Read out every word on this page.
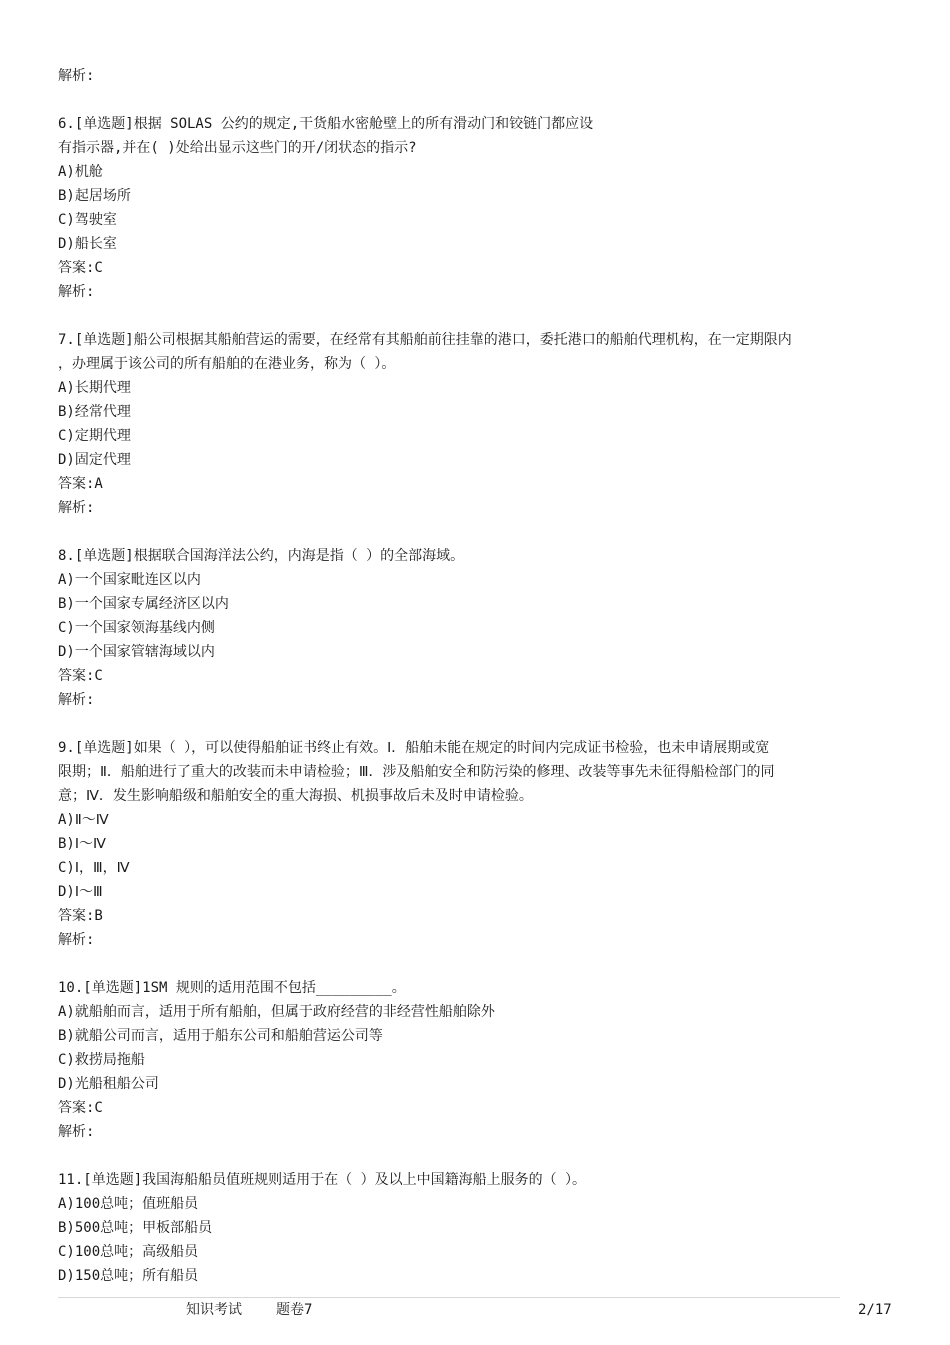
解析:
6.[单选题]根据 SOLAS 公约的规定,干货船水密舱壁上的所有滑动门和铰链门都应设
有指示器,并在( )处给出显示这些门的开/闭状态的指示?
A)机舱
B)起居场所
C)驾驶室
D)船长室
答案:C
解析:
7.[单选题]船公司根据其船舶营运的需要，在经常有其船舶前往挂靠的港口，委托港口的船舶代理机构，在一定期限内
，办理属于该公司的所有船舶的在港业务，称为（ ）。
A)长期代理
B)经常代理
C)定期代理
D)固定代理
答案:A
解析:
8.[单选题]根据联合国海洋法公约，内海是指（ ）的全部海域。
A)一个国家毗连区以内
B)一个国家专属经济区以内
C)一个国家领海基线内侧
D)一个国家管辖海域以内
答案:C
解析:
9.[单选题]如果（ ），可以使得船舶证书终止有效。Ⅰ．船舶未能在规定的时间内完成证书检验，也未申请展期或宽
限期；Ⅱ．船舶进行了重大的改装而未申请检验；Ⅲ．涉及船舶安全和防污染的修理、改装等事先未征得船检部门的同
意；Ⅳ．发生影响船级和船舶安全的重大海损、机损事故后未及时申请检验。
A)Ⅱ～Ⅳ
B)Ⅰ～Ⅳ
C)Ⅰ，Ⅲ，Ⅳ
D)Ⅰ～Ⅲ
答案:B
解析:
10.[单选题]1SM 规则的适用范围不包括_________。
A)就船舶而言，适用于所有船舶，但属于政府经营的非经营性船舶除外
B)就船公司而言，适用于船东公司和船舶营运公司等
C)救捞局拖船
D)光船租船公司
答案:C
解析:
11.[单选题]我国海船船员值班规则适用于在（ ）及以上中国籍海船上服务的（ ）。
A)100总吨；值班船员
B)500总吨；甲板部船员
C)100总吨；高级船员
D)150总吨；所有船员
知识考试 题卷7	2/17
